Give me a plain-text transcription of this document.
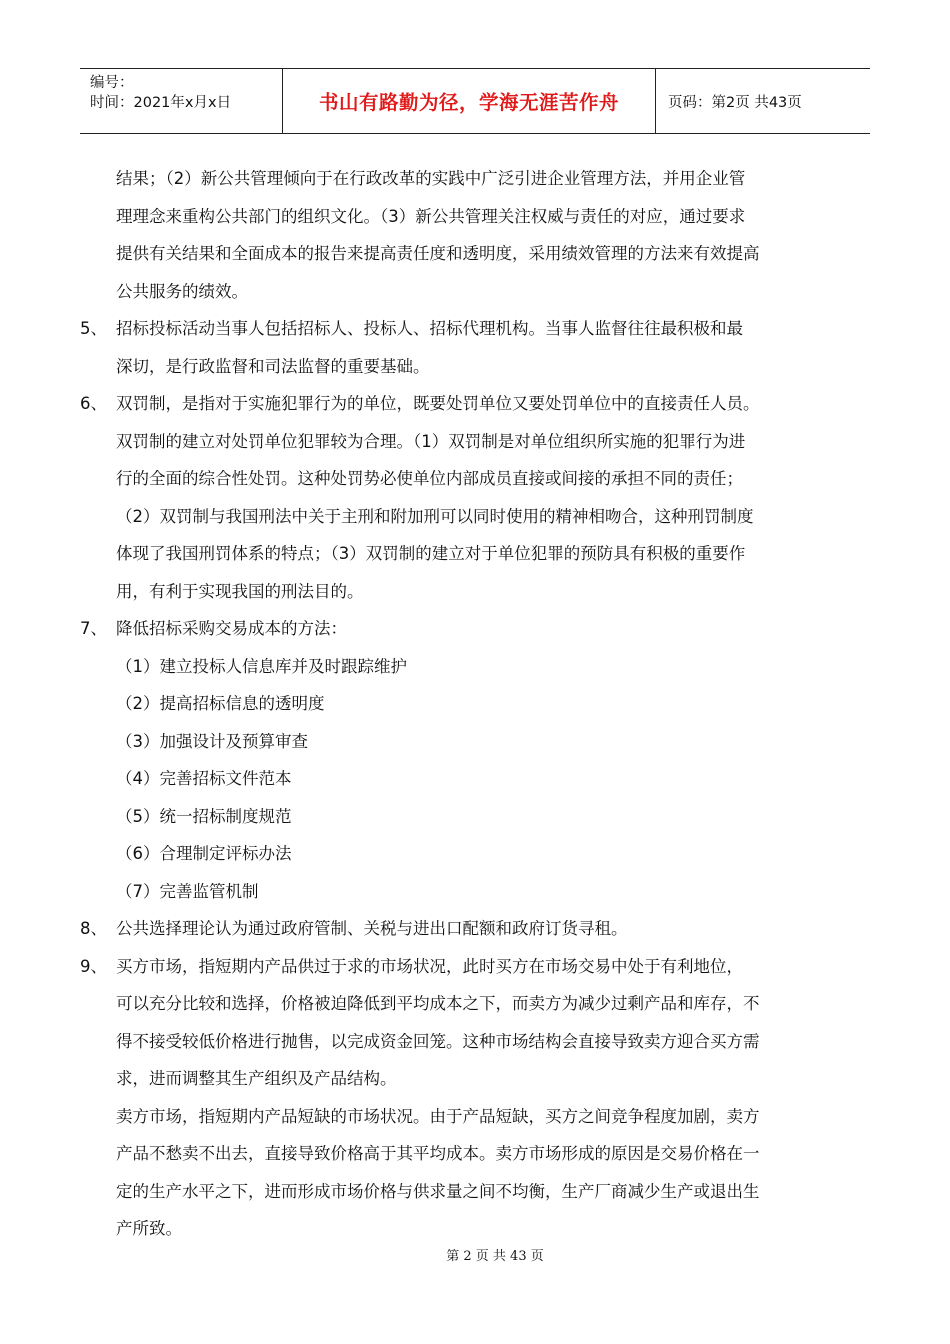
编号：
时间：2021年x月x日	书山有路勤为径，学海无涯苦作舟	页码：第2页 共43页
结果；（2）新公共管理倾向于在行政改革的实践中广泛引进企业管理方法，并用企业管
理理念来重构公共部门的组织文化。（3）新公共管理关注权威与责任的对应，通过要求
提供有关结果和全面成本的报告来提高责任度和透明度，采用绩效管理的方法来有效提高
公共服务的绩效。
5、 招标投标活动当事人包括招标人、投标人、招标代理机构。当事人监督往往最积极和最
深切，是行政监督和司法监督的重要基础。
6、 双罚制，是指对于实施犯罪行为的单位，既要处罚单位又要处罚单位中的直接责任人员。
双罚制的建立对处罚单位犯罪较为合理。（1）双罚制是对单位组织所实施的犯罪行为进
行的全面的综合性处罚。这种处罚势必使单位内部成员直接或间接的承担不同的责任；
（2）双罚制与我国刑法中关于主刑和附加刑可以同时使用的精神相吻合，这种刑罚制度
体现了我国刑罚体系的特点；（3）双罚制的建立对于单位犯罪的预防具有积极的重要作
用，有利于实现我国的刑法目的。
7、 降低招标采购交易成本的方法：
（1）建立投标人信息库并及时跟踪维护
（2）提高招标信息的透明度
（3）加强设计及预算审查
（4）完善招标文件范本
（5）统一招标制度规范
（6）合理制定评标办法
（7）完善监管机制
8、 公共选择理论认为通过政府管制、关税与进出口配额和政府订货寻租。
9、 买方市场，指短期内产品供过于求的市场状况，此时买方在市场交易中处于有利地位，
可以充分比较和选择，价格被迫降低到平均成本之下，而卖方为减少过剩产品和库存，不
得不接受较低价格进行抛售，以完成资金回笼。这种市场结构会直接导致卖方迎合买方需
求，进而调整其生产组织及产品结构。
卖方市场，指短期内产品短缺的市场状况。由于产品短缺，买方之间竞争程度加剧，卖方
产品不愁卖不出去，直接导致价格高于其平均成本。卖方市场形成的原因是交易价格在一
定的生产水平之下，进而形成市场价格与供求量之间不均衡，生产厂商减少生产或退出生
产所致。
第 2 页 共 43 页
